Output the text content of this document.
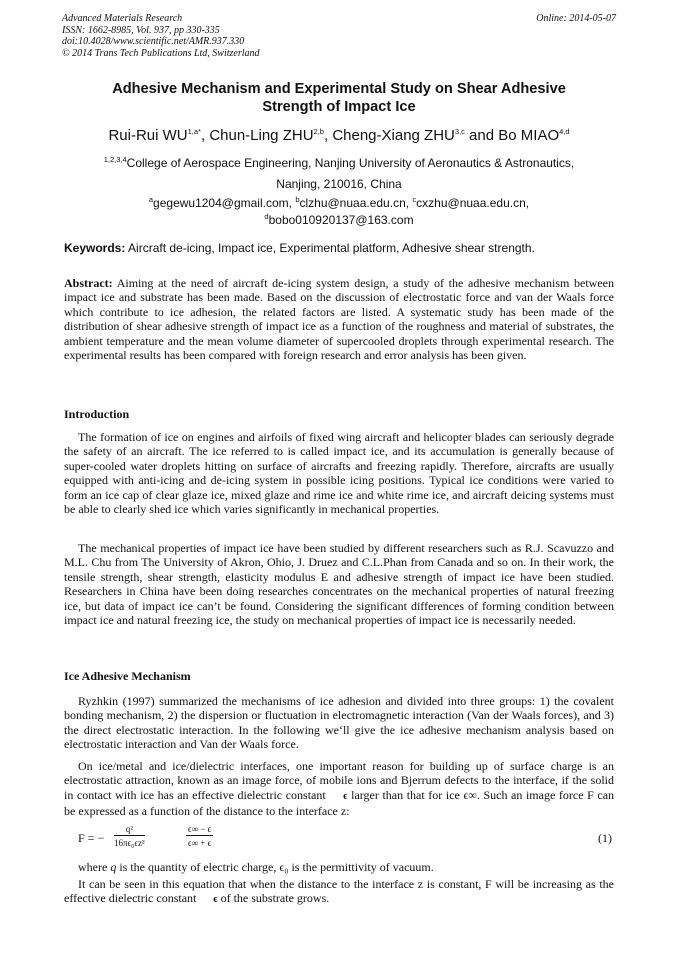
Advanced Materials Research
ISSN: 1662-8985, Vol. 937, pp 330-335
doi:10.4028/www.scientific.net/AMR.937.330
© 2014 Trans Tech Publications Ltd, Switzerland
Online: 2014-05-07
Adhesive Mechanism and Experimental Study on Shear Adhesive
Strength of Impact Ice
Rui-Rui $WU^{1,a*}$, Chun-Ling ZHU$^{2,b}$, Cheng-Xiang ZHU$^{3,c}$ and Bo MIAO$^{4,d}$
$^{1,2,3,4}$College of Aerospace Engineering, Nanjing University of Aeronautics & Astronautics,
Nanjing, 210016, China
$^a$gegewu1204@gmail.com, $^b$clzhu@nuaa.edu.cn, $^c$cxzhu@nuaa.edu.cn,
$^d$bobo010920137@163.com
Keywords: Aircraft de-icing, Impact ice, Experimental platform, Adhesive shear strength.

Abstract: Aiming at the need of aircraft de-icing system design, a study of the adhesive mechanism between impact ice and substrate has been made. Based on the discussion of electrostatic force and van der Waals force which contribute to ice adhesion, the related factors are listed. A systematic study has been made of the distribution of shear adhesive strength of impact ice as a function of the roughness and material of substrates, the ambient temperature and the mean volume diameter of supercooled droplets through experimental research. The experimental results has been compared with foreign research and error analysis has been given.

Introduction

The formation of ice on engines and airfoils of fixed wing aircraft and helicopter blades can seriously degrade the safety of an aircraft. The ice referred to is called impact ice, and its accumulation is generally because of super-cooled water droplets hitting on surface of aircrafts and freezing rapidly. Therefore, aircrafts are usually equipped with anti-icing and de-icing system in possible icing positions. Typical ice conditions were varied to form an ice cap of clear glaze ice, mixed glaze and rime ice and white rime ice, and aircraft deicing systems must be able to clearly shed ice which varies significantly in mechanical properties.

The mechanical properties of impact ice have been studied by different researchers such as R.J. Scavuzzo and M.L. Chu from The University of Akron, Ohio, J. Druez and C.L.Phan from Canada and so on. In their work, the tensile strength, shear strength, elasticity modulus E and adhesive strength of impact ice have been studied. Researchers in China have been doing researches concentrates on the mechanical properties of natural freezing ice, but data of impact ice can’t be found. Considering the significant differences of forming condition between impact ice and natural freezing ice, the study on mechanical properties of impact ice is necessarily needed.

Ice Adhesive Mechanism

Ryzhkin (1997) summarized the mechanisms of ice adhesion and divided into three groups: 1) the covalent bonding mechanism, 2) the dispersion or fluctuation in electromagnetic interaction (Van der Waals forces), and 3) the direct electrostatic interaction. In the following we‘ll give the ice adhesive mechanism analysis based on electrostatic interaction and Van der Waals force.

On ice/metal and ice/dielectric interfaces, one important reason for building up of surface charge is an electrostatic attraction, known as an image force, of mobile ions and Bjerrum defects to the interface, if the solid in contact with ice has an effective dielectric constant ϵ larger than that for ice ϵ∞. Such an image force F can be expressed as a function of the distance to the interface z:

F = − $\frac{\text{q²}}{\text{16πϵ₀ϵz²}}$	$\frac{\epsilon\infty - \epsilon}{\epsilon\infty + \epsilon}$	(1)

where q is the quantity of electric charge, ϵ₀ is the permittivity of vacuum.

It can be seen in this equation that when the distance to the interface z is constant, F will be increasing as the effective dielectric constant ϵ of the substrate grows.
